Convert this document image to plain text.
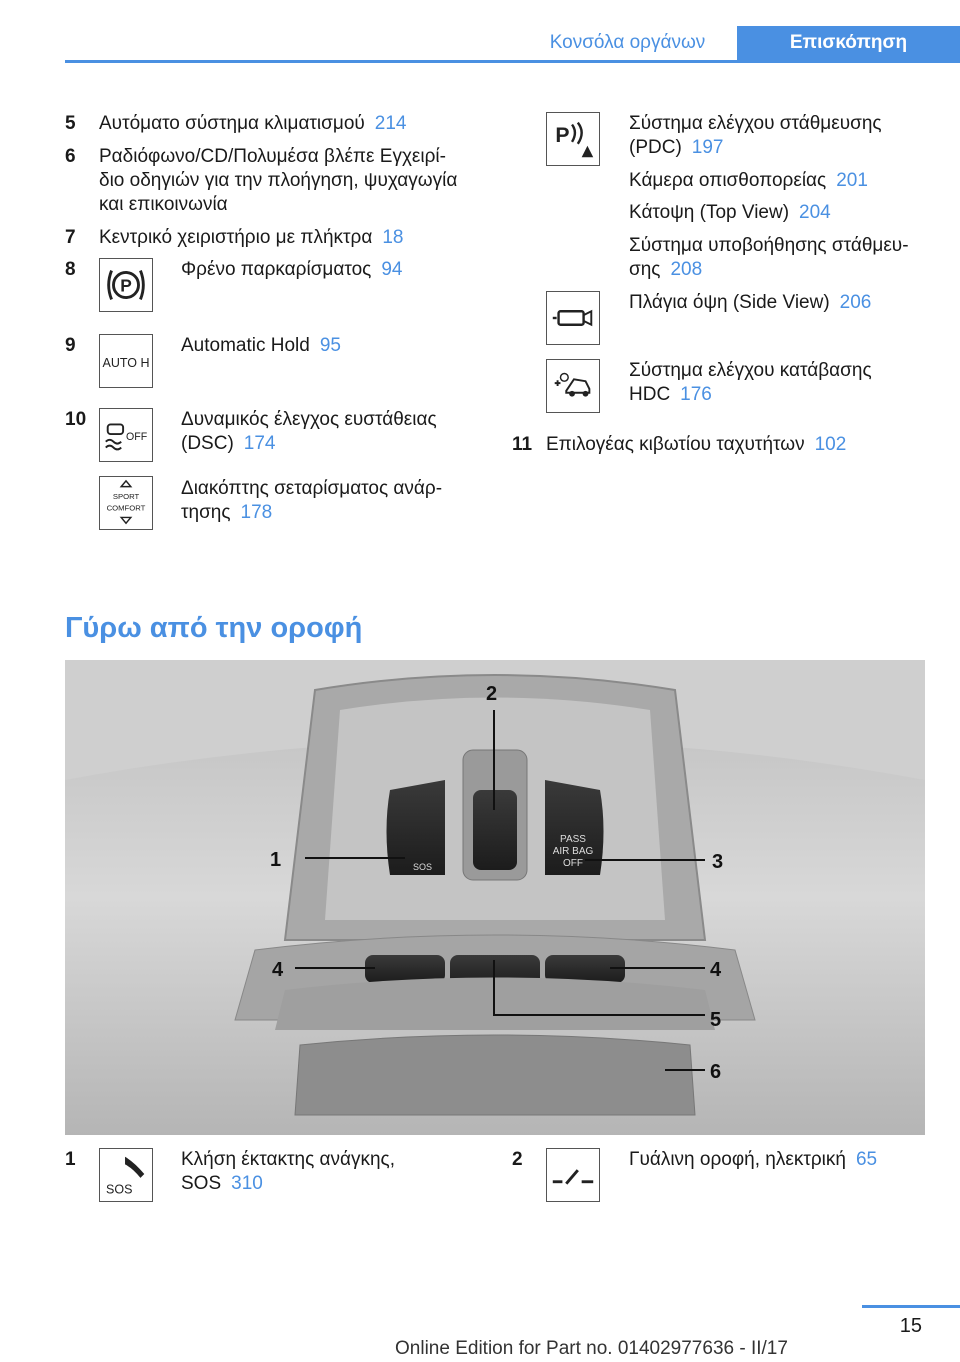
Κονσόλα οργάνων	Επισκόπηση
5 Αυτόματο σύστημα κλιματισμού 214
6 Ραδιόφωνο/CD/Πολυμέσα βλέπε Εγχειρί-
διο οδηγιών για την πλοήγηση, ψυχαγωγία
και επικοινωνία
7 Κεντρικό χειριστήριο με πλήκτρα 18
8
P
Φρένο παρκαρίσματος 94
9
AUTO H
Automatic Hold 95
10
OFF
Δυναμικός έλεγχος ευστάθειας
(DSC) 174
SPORT
COMFORT
Διακόπτης σεταρίσματος ανάρ-
τησης 178
P
Σύστημα ελέγχου στάθμευσης
(PDC) 197
Κάμερα οπισθοπορείας 201
Κάτοψη (Top View) 204
Σύστημα υποβοήθησης στάθμευ-
σης 208
Πλάγια όψη (Side View) 206
Σύστημα ελέγχου κατάβασης
HDC 176
11 Επιλογέας κιβωτίου ταχυτήτων 102
Γύρω από την οροφή
SOS
PASS
AIR BAG
OFF
1
2
3
4	4
5
6
1
SOS
Κλήση έκτακτης ανάγκης,
SOS 310
2	Γυάλινη οροφή, ηλεκτρική 65
15
Online Edition for Part no. 01402977636 - II/17
